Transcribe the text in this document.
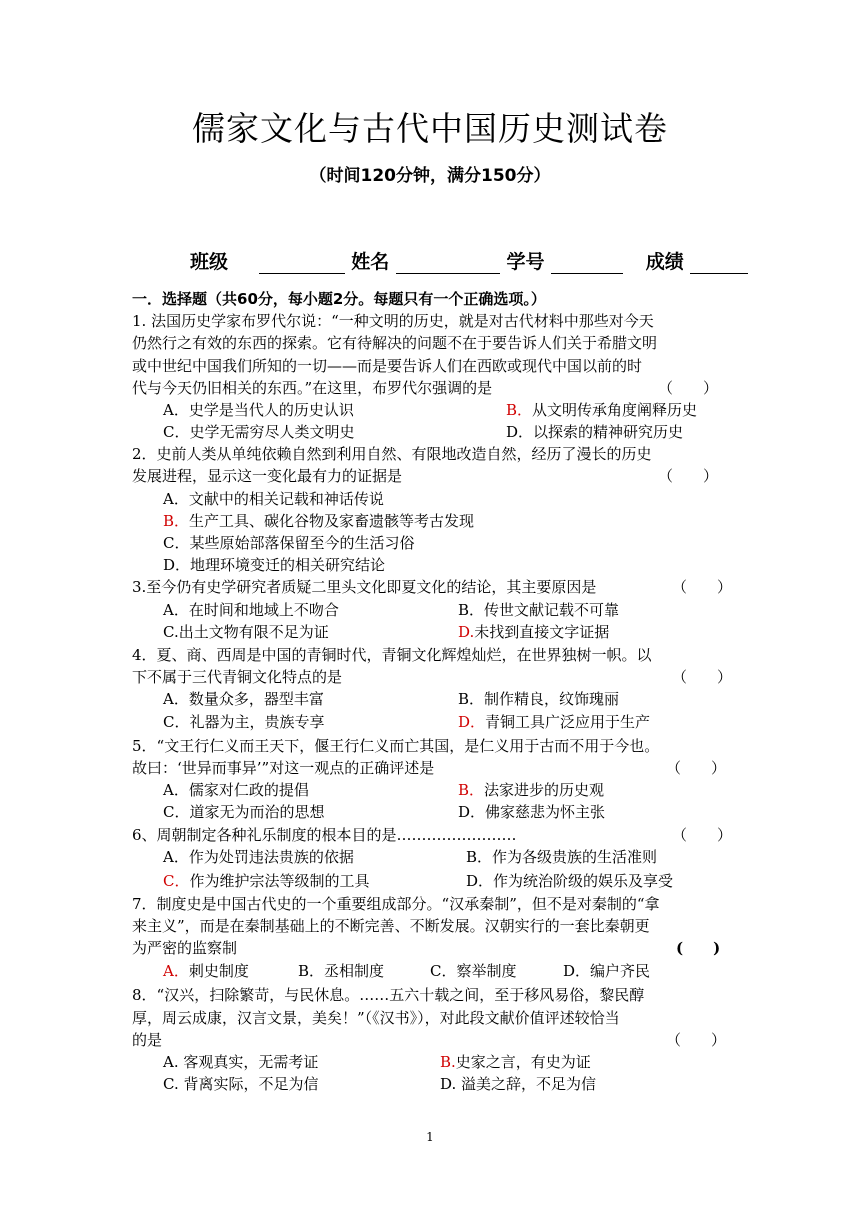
儒家文化与古代中国历史测试卷
（时间120分钟，满分150分）
班级	姓名	学号	成绩
一．选择题（共60分，每小题2分。每题只有一个正确选项。）
1. 法国历史学家布罗代尔说：“一种文明的历史，就是对古代材料中那些对今天
仍然行之有效的东西的探索。它有待解决的问题不在于要告诉人们关于希腊文明
或中世纪中国我们所知的一切——而是要告诉人们在西欧或现代中国以前的时
代与今天仍旧相关的东西。”在这里，布罗代尔强调的是	（　　）
A．史学是当代人的历史认识	B．从文明传承角度阐释历史
C．史学无需穷尽人类文明史	D．以探索的精神研究历史
2．史前人类从单纯依赖自然到利用自然、有限地改造自然，经历了漫长的历史
发展进程，显示这一变化最有力的证据是	（　　）
A．文献中的相关记载和神话传说
B．生产工具、碳化谷物及家畜遗骸等考古发现
C．某些原始部落保留至今的生活习俗
D．地理环境变迁的相关研究结论
3.至今仍有史学研究者质疑二里头文化即夏文化的结论，其主要原因是	（　　）
A．在时间和地域上不吻合	B．传世文献记载不可靠
C.出土文物有限不足为证	D.未找到直接文字证据
4．夏、商、西周是中国的青铜时代，青铜文化辉煌灿烂，在世界独树一帜。以
下不属于三代青铜文化特点的是	（　　）
A．数量众多，器型丰富	B．制作精良，纹饰瑰丽
C．礼器为主，贵族专享	D．青铜工具广泛应用于生产
5．“文王行仁义而王天下，偃王行仁义而亡其国，是仁义用于古而不用于今也。
故曰：‘世异而事异’”对这一观点的正确评述是	（　　）
A．儒家对仁政的提倡	B．法家进步的历史观
C．道家无为而治的思想	D．佛家慈悲为怀主张
6、周朝制定各种礼乐制度的根本目的是……………………	（　　）
A．作为处罚违法贵族的依据	B．作为各级贵族的生活准则
C．作为维护宗法等级制的工具	D．作为统治阶级的娱乐及享受
7．制度史是中国古代史的一个重要组成部分。“汉承秦制”，但不是对秦制的“拿
来主义”，而是在秦制基础上的不断完善、不断发展。汉朝实行的一套比秦朝更
为严密的监察制	(　　)
A．刺史制度	B．丞相制度	C．察举制度	D．编户齐民
8．“汉兴，扫除繁苛，与民休息。……五六十载之间，至于移风易俗，黎民醇
厚，周云成康，汉言文景，美矣！”（《汉书》），对此段文献价值评述较恰当
的是	（　　）
A. 客观真实，无需考证	B.史家之言，有史为证
C. 背离实际，不足为信	D. 溢美之辞，不足为信
1
